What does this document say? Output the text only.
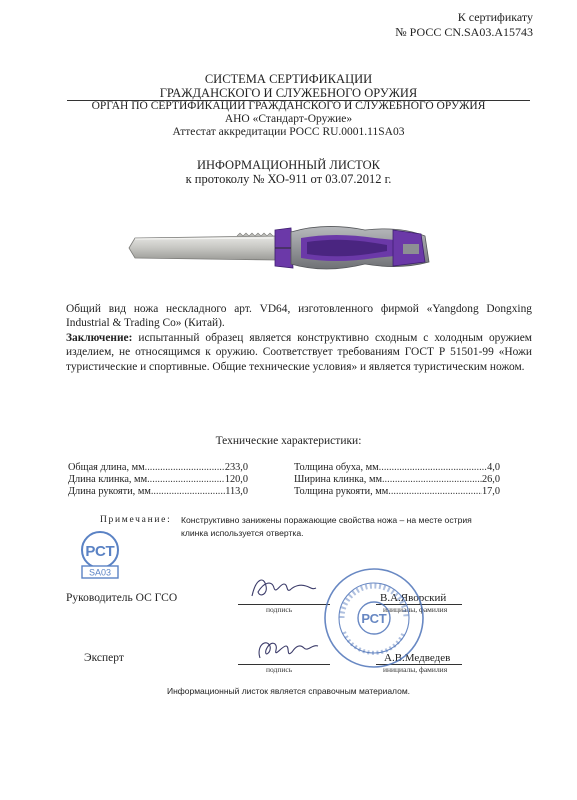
К сертификату
№ РОСС CN.SA03.A15743
СИСТЕМА СЕРТИФИКАЦИИ
ГРАЖДАНСКОГО И СЛУЖЕБНОГО ОРУЖИЯ
ОРГАН ПО СЕРТИФИКАЦИИ ГРАЖДАНСКОГО И СЛУЖЕБНОГО ОРУЖИЯ
АНО «Стандарт-Оружие»
Аттестат аккредитации РОСС RU.0001.11SA03
ИНФОРМАЦИОННЫЙ ЛИСТОК
к протоколу № ХО-911 от 03.07.2012 г.
Общий вид ножа нескладного арт. VD64, изготовленного фирмой «Yangdong Dongxing Industrial & Trading Co» (Китай).
Заключение: испытанный образец является конструктивно сходным с холодным оружием изделием, не относящимся к оружию. Соответствует требованиям ГОСТ Р 51501-99 «Ножи туристические и спортивные. Общие технические условия» и является туристическим ножом.
Технические характеристики:
Общая длина, мм .....	233,0
Длина клинка, мм .....	120,0
Длина рукояти, мм .....	113,0
Толщина обуха, мм .....	4,0
Ширина клинка, мм .....	26,0
Толщина рукояти, мм .....	17,0
Примечание: Конструктивно занижены поражающие свойства ножа – на месте острия клинка используется отвертка.
РСТ
SA03
Руководитель ОС ГСО
подпись
В.А.Яворский
инициалы, фамилия
Эксперт
подпись
А.В.Медведев
инициалы, фамилия
РСТ
Информационный листок является справочным материалом.
